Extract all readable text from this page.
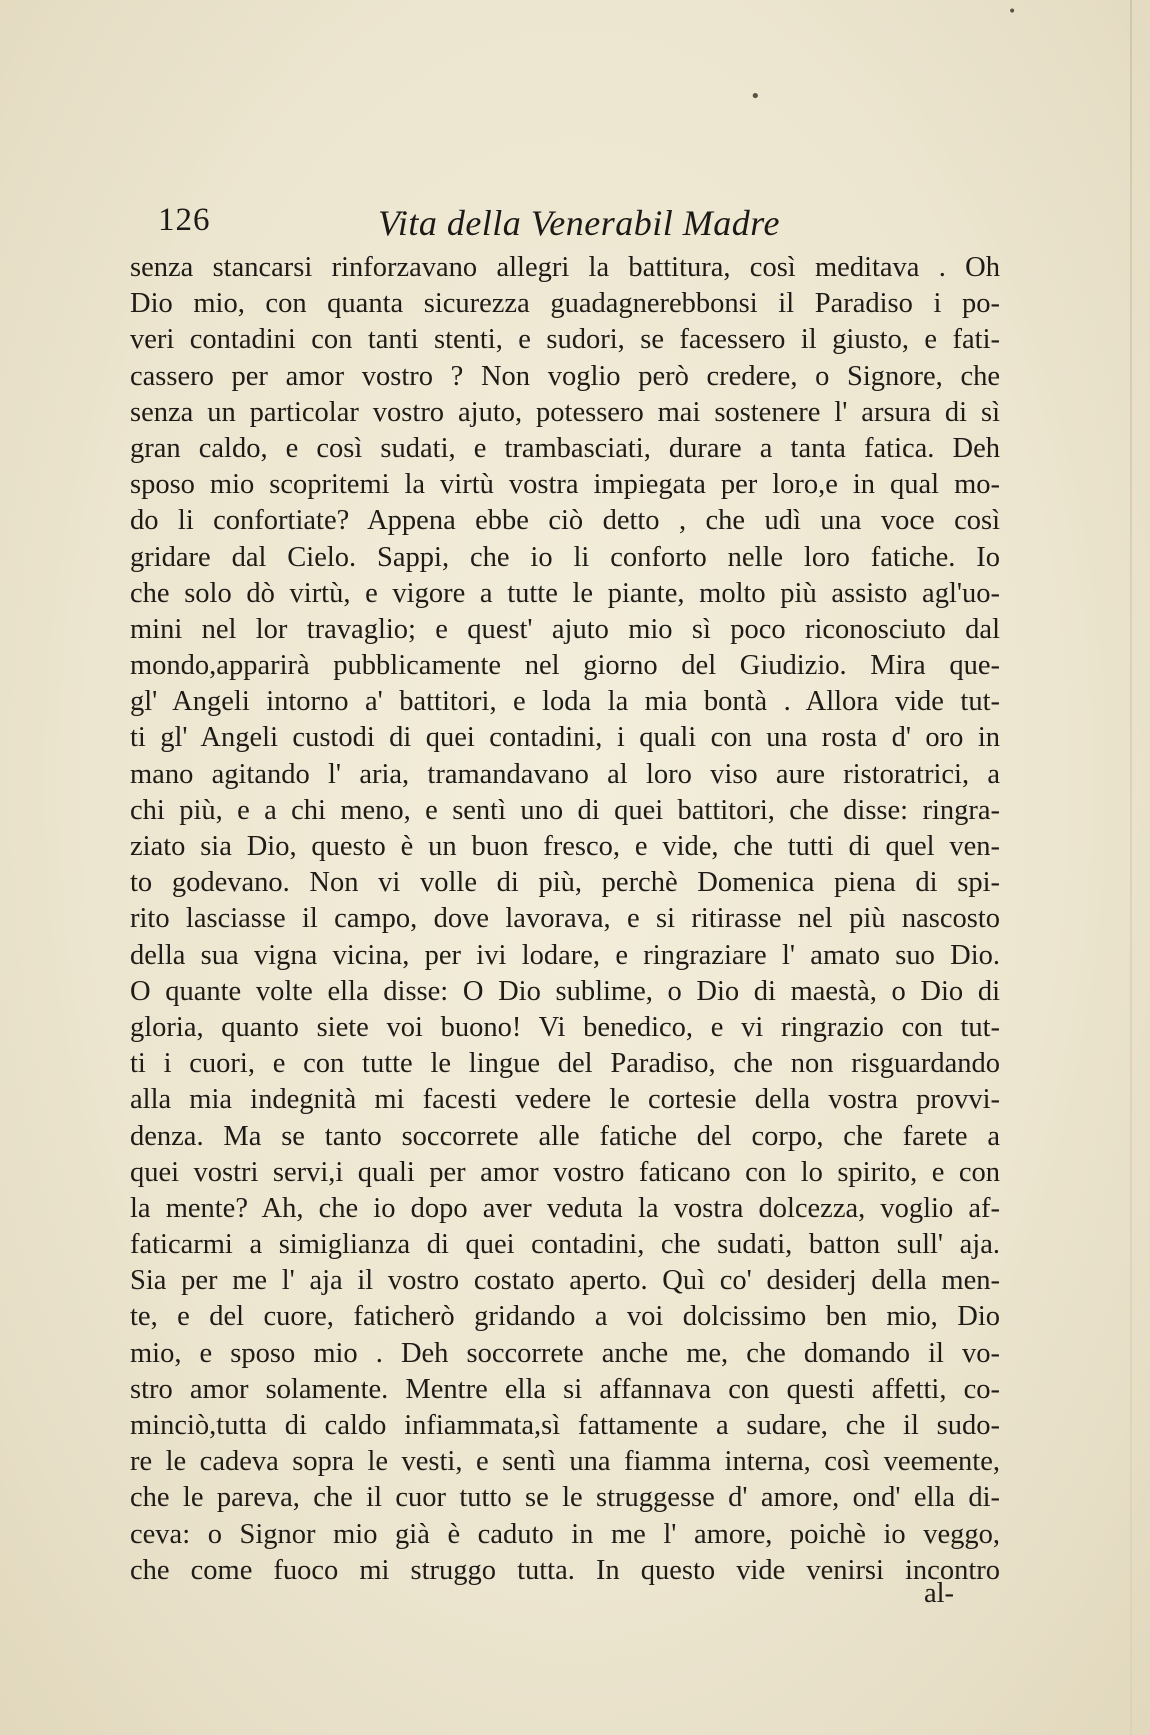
•
•
126	Vita della Venerabil Madre
senza stancarsi rinforzavano allegri la battitura, così meditava . Oh
Dio mio, con quanta sicurezza guadagnerebbonsi il Paradiso i po-
veri contadini con tanti stenti, e sudori, se facessero il giusto, e fati-
cassero per amor vostro ? Non voglio però credere, o Signore, che
senza un particolar vostro ajuto, potessero mai sostenere l' arsura di sì
gran caldo, e così sudati, e trambasciati, durare a tanta fatica. Deh
sposo mio scopritemi la virtù vostra impiegata per loro,e in qual mo-
do li confortiate? Appena ebbe ciò detto , che udì una voce così
gridare dal Cielo. Sappi, che io li conforto nelle loro fatiche. Io
che solo dò virtù, e vigore a tutte le piante, molto più assisto agl'uo-
mini nel lor travaglio; e quest' ajuto mio sì poco riconosciuto dal
mondo,apparirà pubblicamente nel giorno del Giudizio. Mira que-
gl' Angeli intorno a' battitori, e loda la mia bontà . Allora vide tut-
ti gl' Angeli custodi di quei contadini, i quali con una rosta d' oro in
mano agitando l' aria, tramandavano al loro viso aure ristoratrici, a
chi più, e a chi meno, e sentì uno di quei battitori, che disse: ringra-
ziato sia Dio, questo è un buon fresco, e vide, che tutti di quel ven-
to godevano. Non vi volle di più, perchè Domenica piena di spi-
rito lasciasse il campo, dove lavorava, e si ritirasse nel più nascosto
della sua vigna vicina, per ivi lodare, e ringraziare l' amato suo Dio.
O quante volte ella disse: O Dio sublime, o Dio di maestà, o Dio di
gloria, quanto siete voi buono! Vi benedico, e vi ringrazio con tut-
ti i cuori, e con tutte le lingue del Paradiso, che non risguardando
alla mia indegnità mi facesti vedere le cortesie della vostra provvi-
denza. Ma se tanto soccorrete alle fatiche del corpo, che farete a
quei vostri servi,i quali per amor vostro faticano con lo spirito, e con
la mente? Ah, che io dopo aver veduta la vostra dolcezza, voglio af-
faticarmi a simiglianza di quei contadini, che sudati, batton sull' aja.
Sia per me l' aja il vostro costato aperto. Quì co' desiderj della men-
te, e del cuore, faticherò gridando a voi dolcissimo ben mio, Dio
mio, e sposo mio . Deh soccorrete anche me, che domando il vo-
stro amor solamente. Mentre ella si affannava con questi affetti, co-
minciò,tutta di caldo infiammata,sì fattamente a sudare, che il sudo-
re le cadeva sopra le vesti, e sentì una fiamma interna, così veemente,
che le pareva, che il cuor tutto se le struggesse d' amore, ond' ella di-
ceva: o Signor mio già è caduto in me l' amore, poichè io veggo,
che come fuoco mi struggo tutta. In questo vide venirsi incontro
al-
